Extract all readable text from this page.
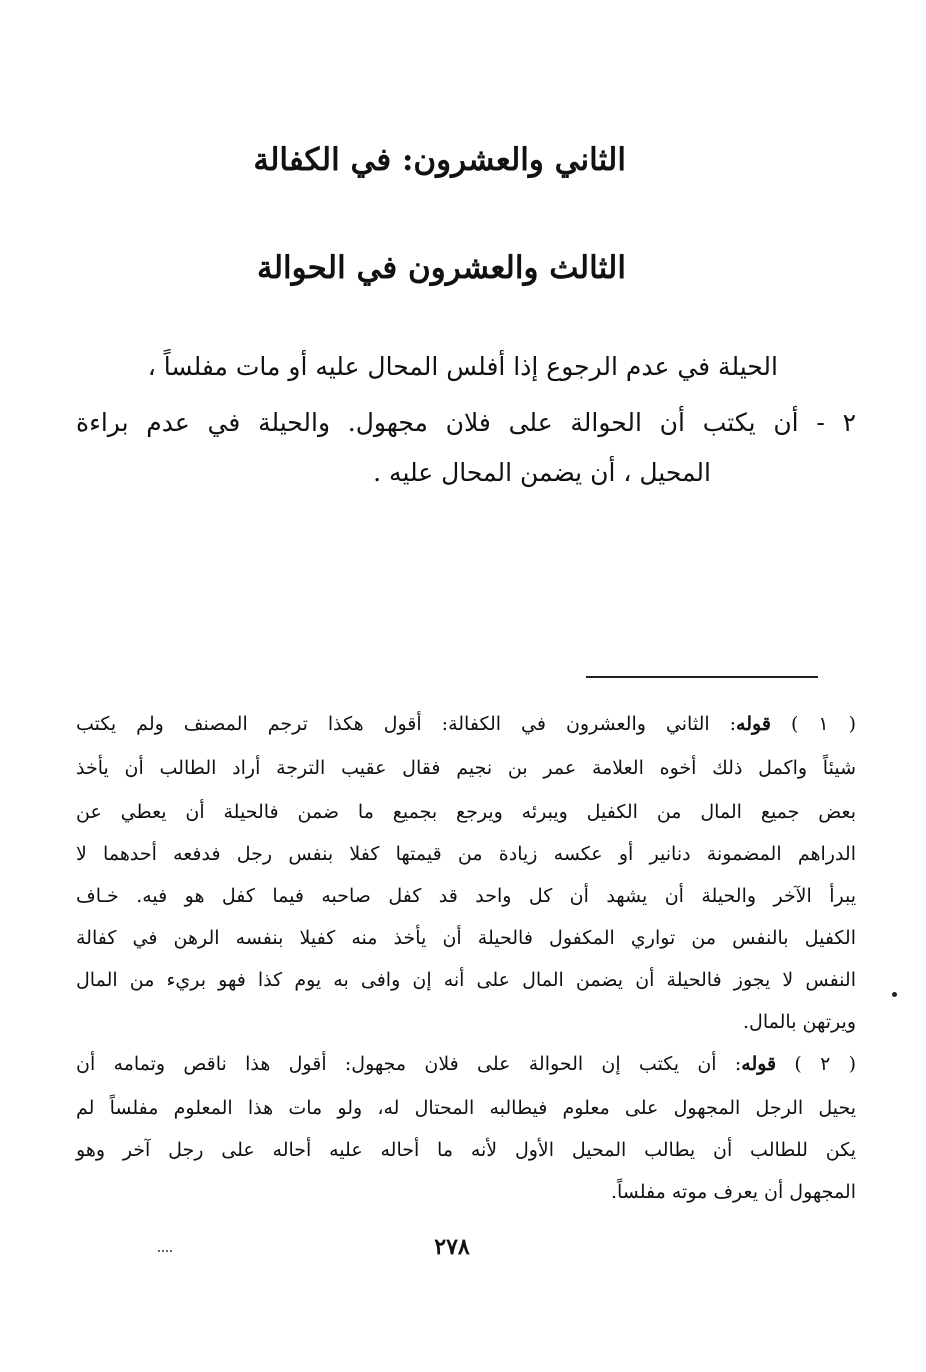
الثاني والعشرون: في الكفالة
الثالث والعشرون في الحوالة
الحيلة في عدم الرجوع إذا أفلس المحال عليه أو مات مفلساً ،
٢ - أن يكتب أن الحوالة على فلان مجهول. والحيلة في عدم براءة
المحيل ، أن يضمن المحال عليه .
( ١ ) قوله: الثاني والعشرون في الكفالة: أقول هكذا ترجم المصنف ولم يكتب
شيئاً واكمل ذلك أخوه العلامة عمر بن نجيم فقال عقيب الترجة أراد الطالب أن يأخذ
بعض جميع المال من الكفيل ويبرئه ويرجع بجميع ما ضمن فالحيلة أن يعطي عن
الدراهم المضمونة دنانير أو عكسه زيادة من قيمتها كفلا بنفس رجل فدفعه أحدهما لا
يبرأ الآخر والحيلة أن يشهد أن كل واحد قد كفل صاحبه فيما كفل هو فيه. خـاف
الكفيل بالنفس من تواري المكفول فالحيلة أن يأخذ منه كفيلا بنفسه الرهن في كفالة
النفس لا يجوز فالحيلة أن يضمن المال على أنه إن وافى به يوم كذا فهو بريء من المال
ويرتهن بالمال.
( ٢ ) قوله: أن يكتب إن الحوالة على فلان مجهول: أقول هذا ناقص وتمامه أن
يحيل الرجل المجهول على معلوم فيطالبه المحتال له، ولو مات هذا المعلوم مفلساً لم
يكن للطالب أن يطالب المحيل الأول لأنه ما أحاله عليه أحاله على رجل آخر وهو
المجهول أن يعرف موته مفلساً.
٢٧٨
